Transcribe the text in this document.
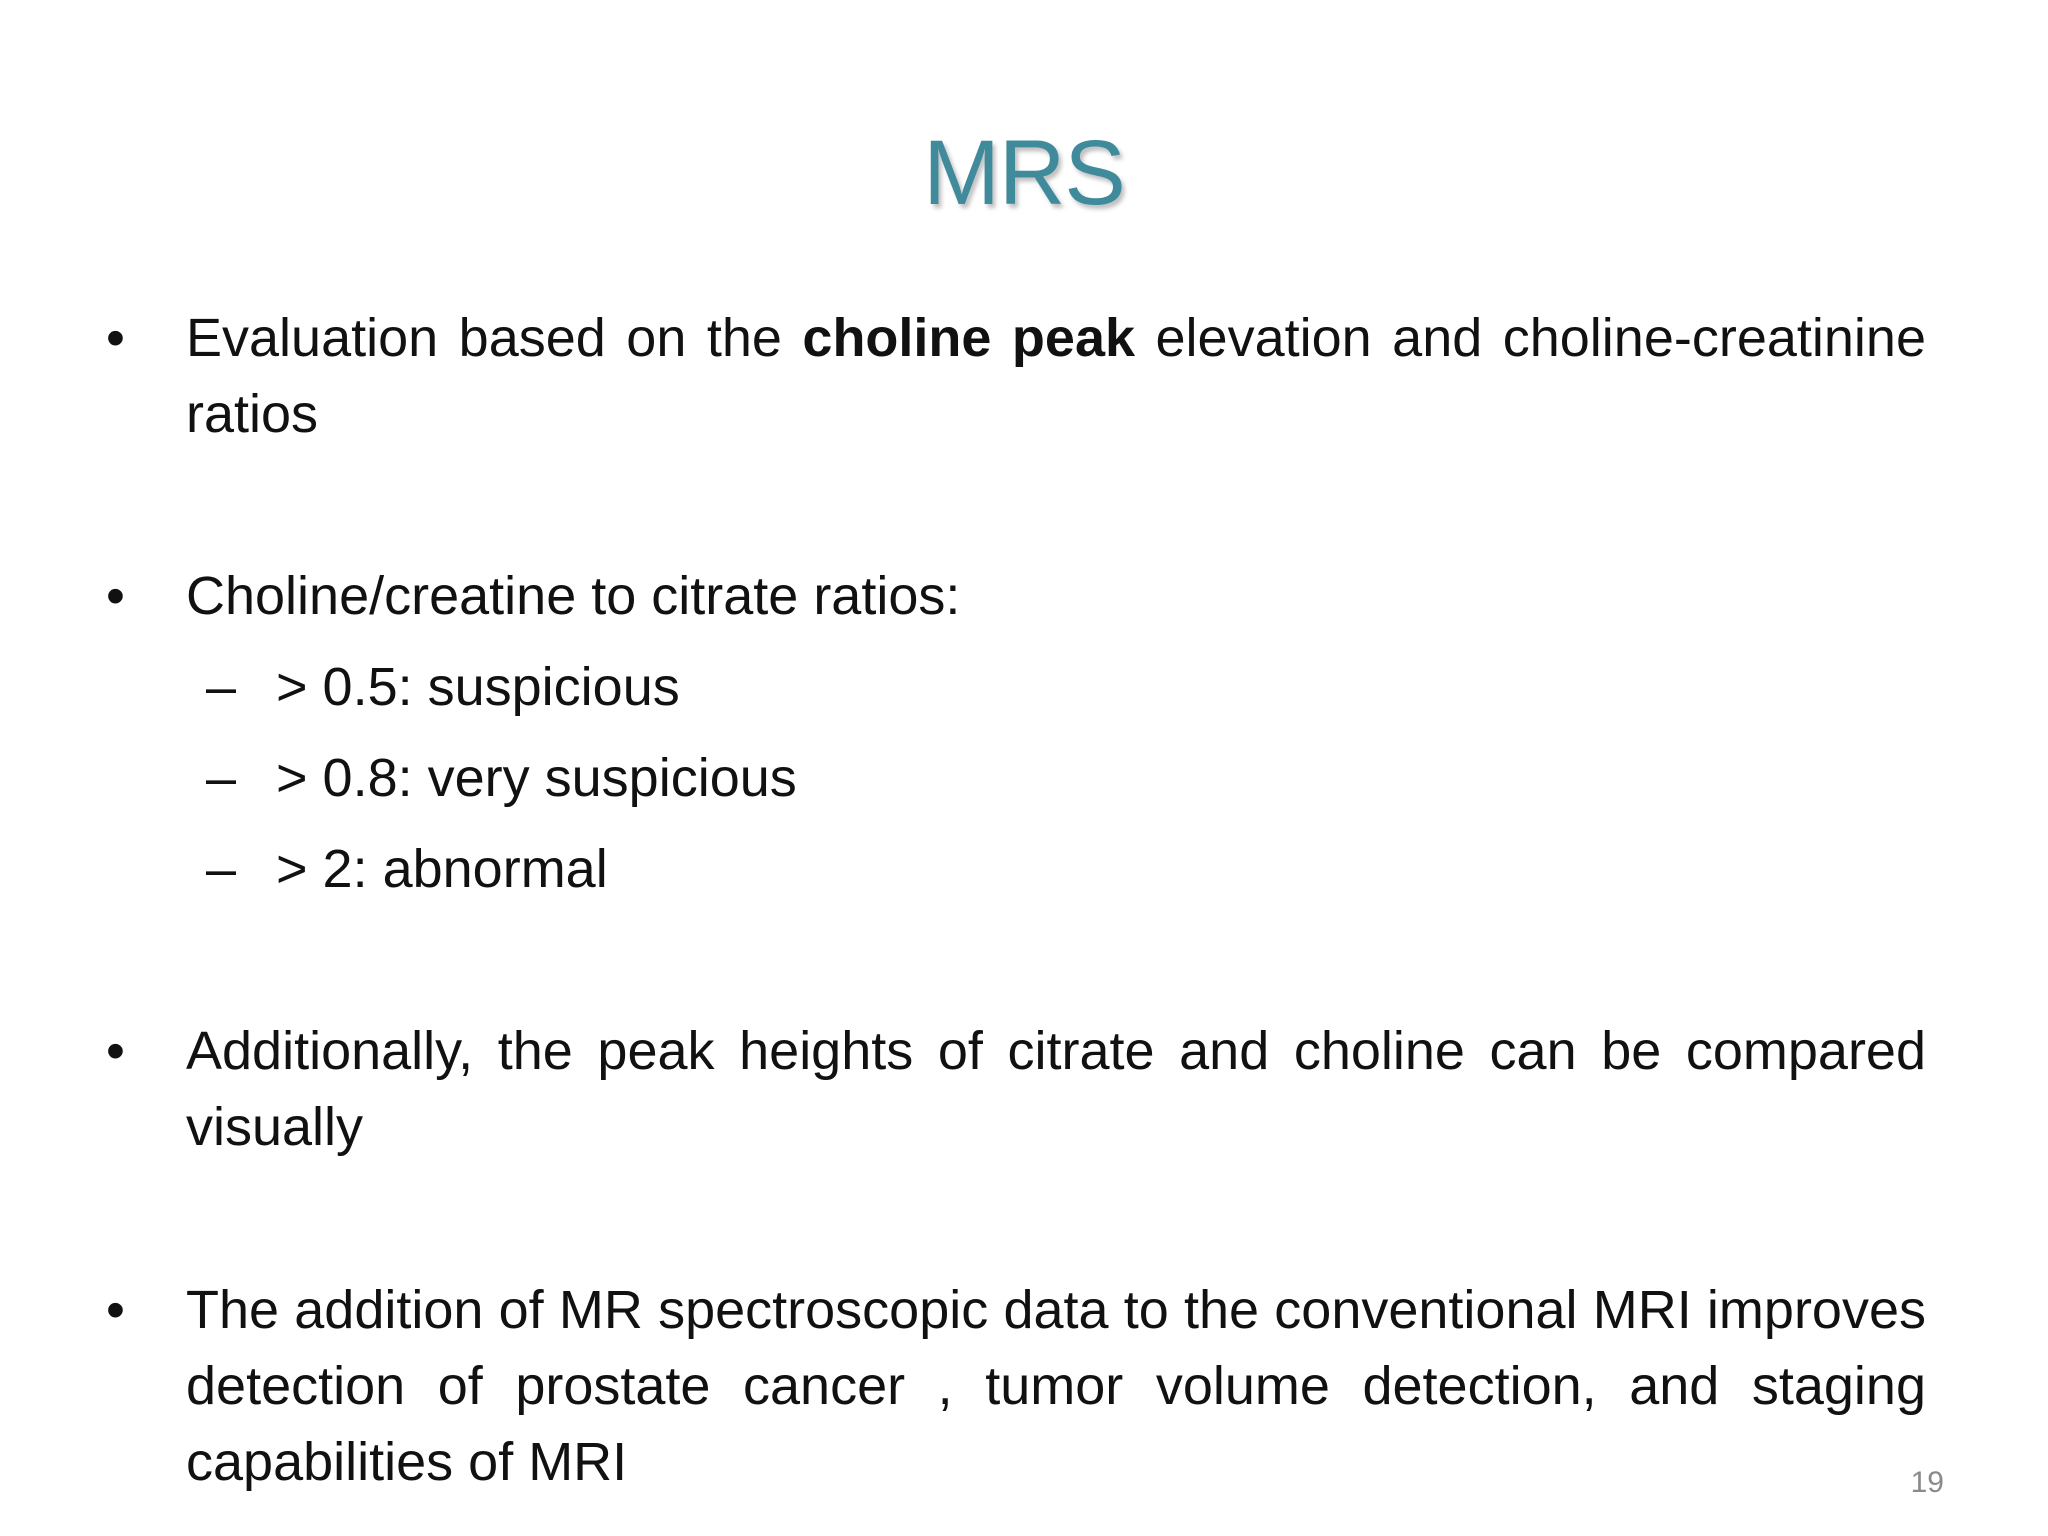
MRS
•	Evaluation based on the choline peak elevation and choline-creatinine ratios
•	Choline/creatine to citrate ratios:
– > 0.5: suspicious
– > 0.8: very suspicious
– > 2: abnormal
•	Additionally, the peak heights of citrate and choline can be compared visually
•	The addition of MR spectroscopic data to the conventional MRI improves detection of prostate cancer , tumor volume detection, and staging capabilities of MRI	19
